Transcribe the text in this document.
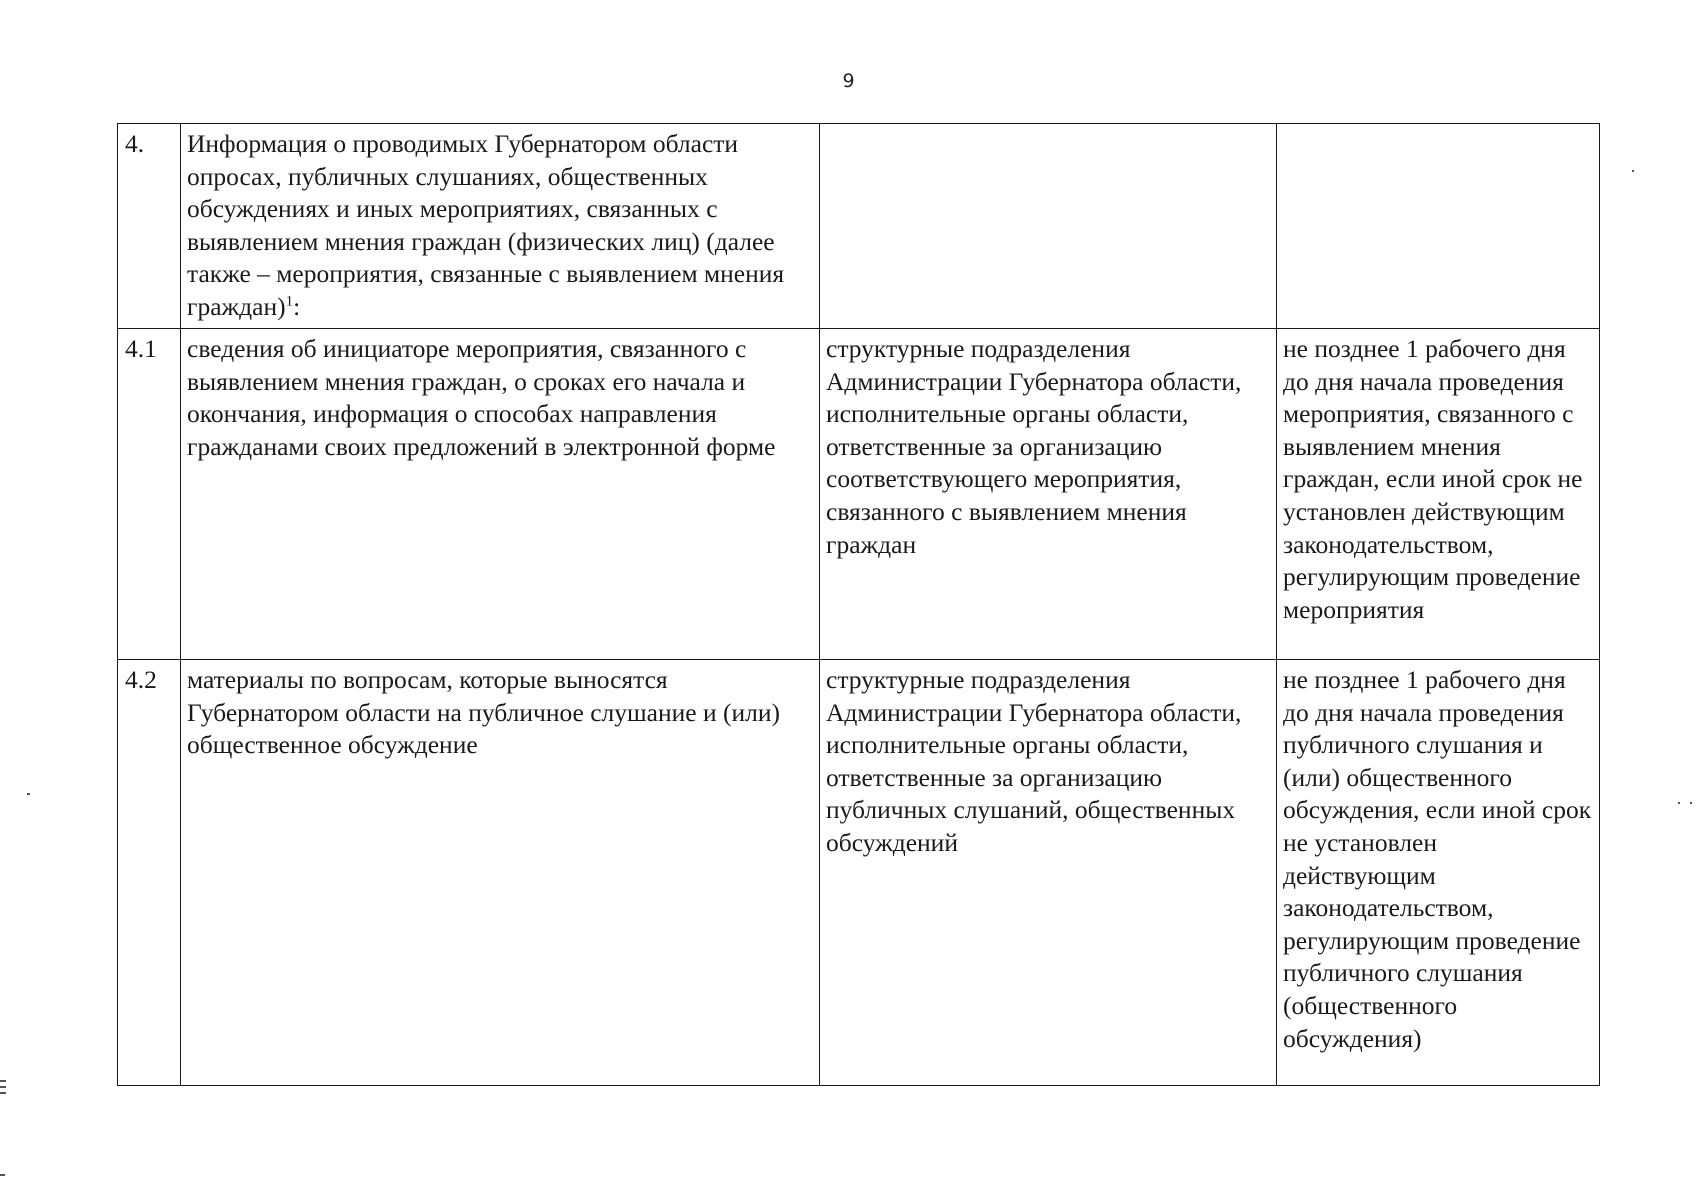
9
4.	Информация о проводимых Губернатором области опросах, публичных слушаниях, общественных обсуждениях и иных мероприятиях, связанных с выявлением мнения граждан (физических лиц) (далее также – мероприятия, связанные с выявлением мнения граждан)$^1$:		
4.1	сведения об инициаторе мероприятия, связанного с выявлением мнения граждан, о сроках его начала и окончания, информация о способах направления гражданами своих предложений в электронной форме	структурные подразделения Администрации Губернатора области, исполнительные органы области, ответственные за организацию соответствующего мероприятия, связанного с выявлением мнения граждан	не позднее 1 рабочего дня до дня начала проведения мероприятия, связанного с выявлением мнения граждан, если иной срок не установлен действующим законодательством, регулирующим проведение мероприятия
4.2	материалы по вопросам, которые выносятся Губернатором области на публичное слушание и (или) общественное обсуждение	структурные подразделения Администрации Губернатора области, исполнительные органы области, ответственные за организацию публичных слушаний, общественных обсуждений	не позднее 1 рабочего дня до дня начала проведения публичного слушания и (или) общественного обсуждения, если иной срок не установлен действующим законодательством, регулирующим проведение публичного слушания (общественного обсуждения)
